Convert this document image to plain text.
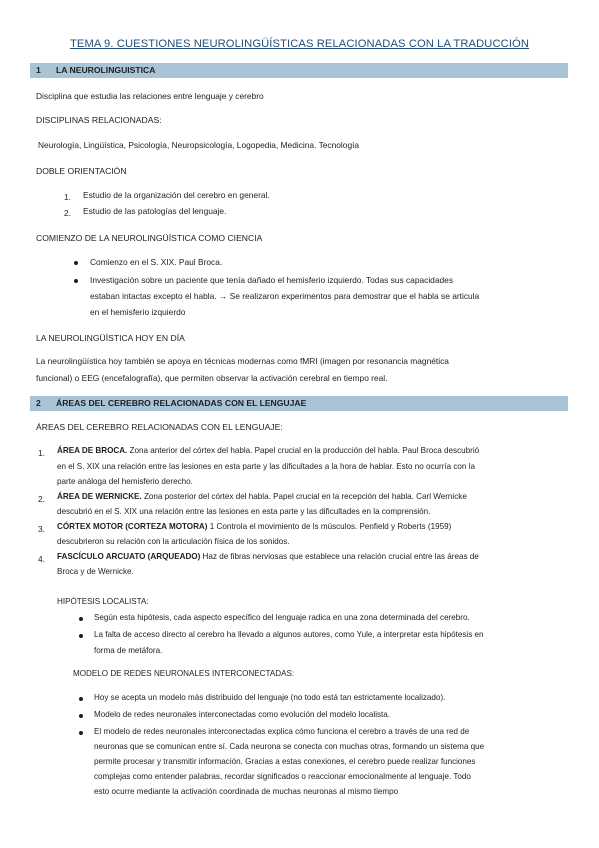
TEMA 9. CUESTIONES NEUROLINGÜÍSTICAS RELACIONADAS CON LA TRADUCCIÓN
1 LA NEUROLINGUISTICA
Disciplina que estudia las relaciones entre lenguaje y cerebro
DISCIPLINAS RELACIONADAS:
Neurología, Lingüística, Psicología, Neuropsicología, Logopedia, Medicina. Tecnología
DOBLE ORIENTACIÓN
1. Estudio de la organización del cerebro en general.
2. Estudio de las patologías del lenguaje.
COMIENZO DE LA NEUROLINGÜÍSTICA COMO CIENCIA
Comienzo en el S. XIX. Paul Broca.
Investigación sobre un paciente que tenía dañado el hemisferio izquierdo. Todas sus capacidades
estaban intactas excepto el habla. → Se realizaron experimentos para demostrar que el habla se articula
en el hemisferio izquierdo
LA NEUROLINGÜÍSTICA HOY EN DÍA
La neurolingüística hoy también se apoya en técnicas modernas como fMRI (imagen por resonancia magnética
funcional) o EEG (encefalografía), que permiten observar la activación cerebral en tiempo real.
2 ÁREAS DEL CEREBRO RELACIONADAS CON EL LENGUJAE
ÁREAS DEL CEREBRO RELACIONADAS CON EL LENGUAJE:
1. ÁREA DE BROCA. Zona anterior del córtex del habla. Papel crucial en la producción del habla. Paul Broca descubrió
en el S. XIX una relación entre las lesiones en esta parte y las dificultades a la hora de hablar. Esto no ocurría con la
parte análoga del hemisferio derecho.
2. ÁREA DE WERNICKE. Zona posterior del córtex del habla. Papel crucial en la recepción del habla. Carl Wernicke
descubrió en el S. XIX una relación entre las lesiones en esta parte y las dificultades en la comprensión.
3. CÓRTEX MOTOR (CORTEZA MOTORA) 1 Controla el movimiento de ls músculos. Penfield y Roberts (1959)
descubrieron su relación con la articulación física de los sonidos.
4. FASCÍCULO ARCUATO (ARQUEADO) Haz de fibras nerviosas que establece una relación crucial entre las áreas de
Broca y de Wernicke.
HIPÓTESIS LOCALISTA:
Según esta hipótesis, cada aspecto específico del lenguaje radica en una zona determinada del cerebro.
La falta de acceso directo al cerebro ha llevado a algunos autores, como Yule, a interpretar esta hipótesis en
forma de metáfora.
MODELO DE REDES NEURONALES INTERCONECTADAS:
Hoy se acepta un modelo más distribuido del lenguaje (no todo está tan estrictamente localizado).
Modelo de redes neuronales interconectadas como evolución del modelo localista.
El modelo de redes neuronales interconectadas explica cómo funciona el cerebro a través de una red de
neuronas que se comunican entre sí. Cada neurona se conecta con muchas otras, formando un sistema que
permite procesar y transmitir información. Gracias a estas conexiones, el cerebro puede realizar funciones
complejas como entender palabras, recordar significados o reaccionar emocionalmente al lenguaje. Todo
esto ocurre mediante la activación coordinada de muchas neuronas al mismo tiempo
